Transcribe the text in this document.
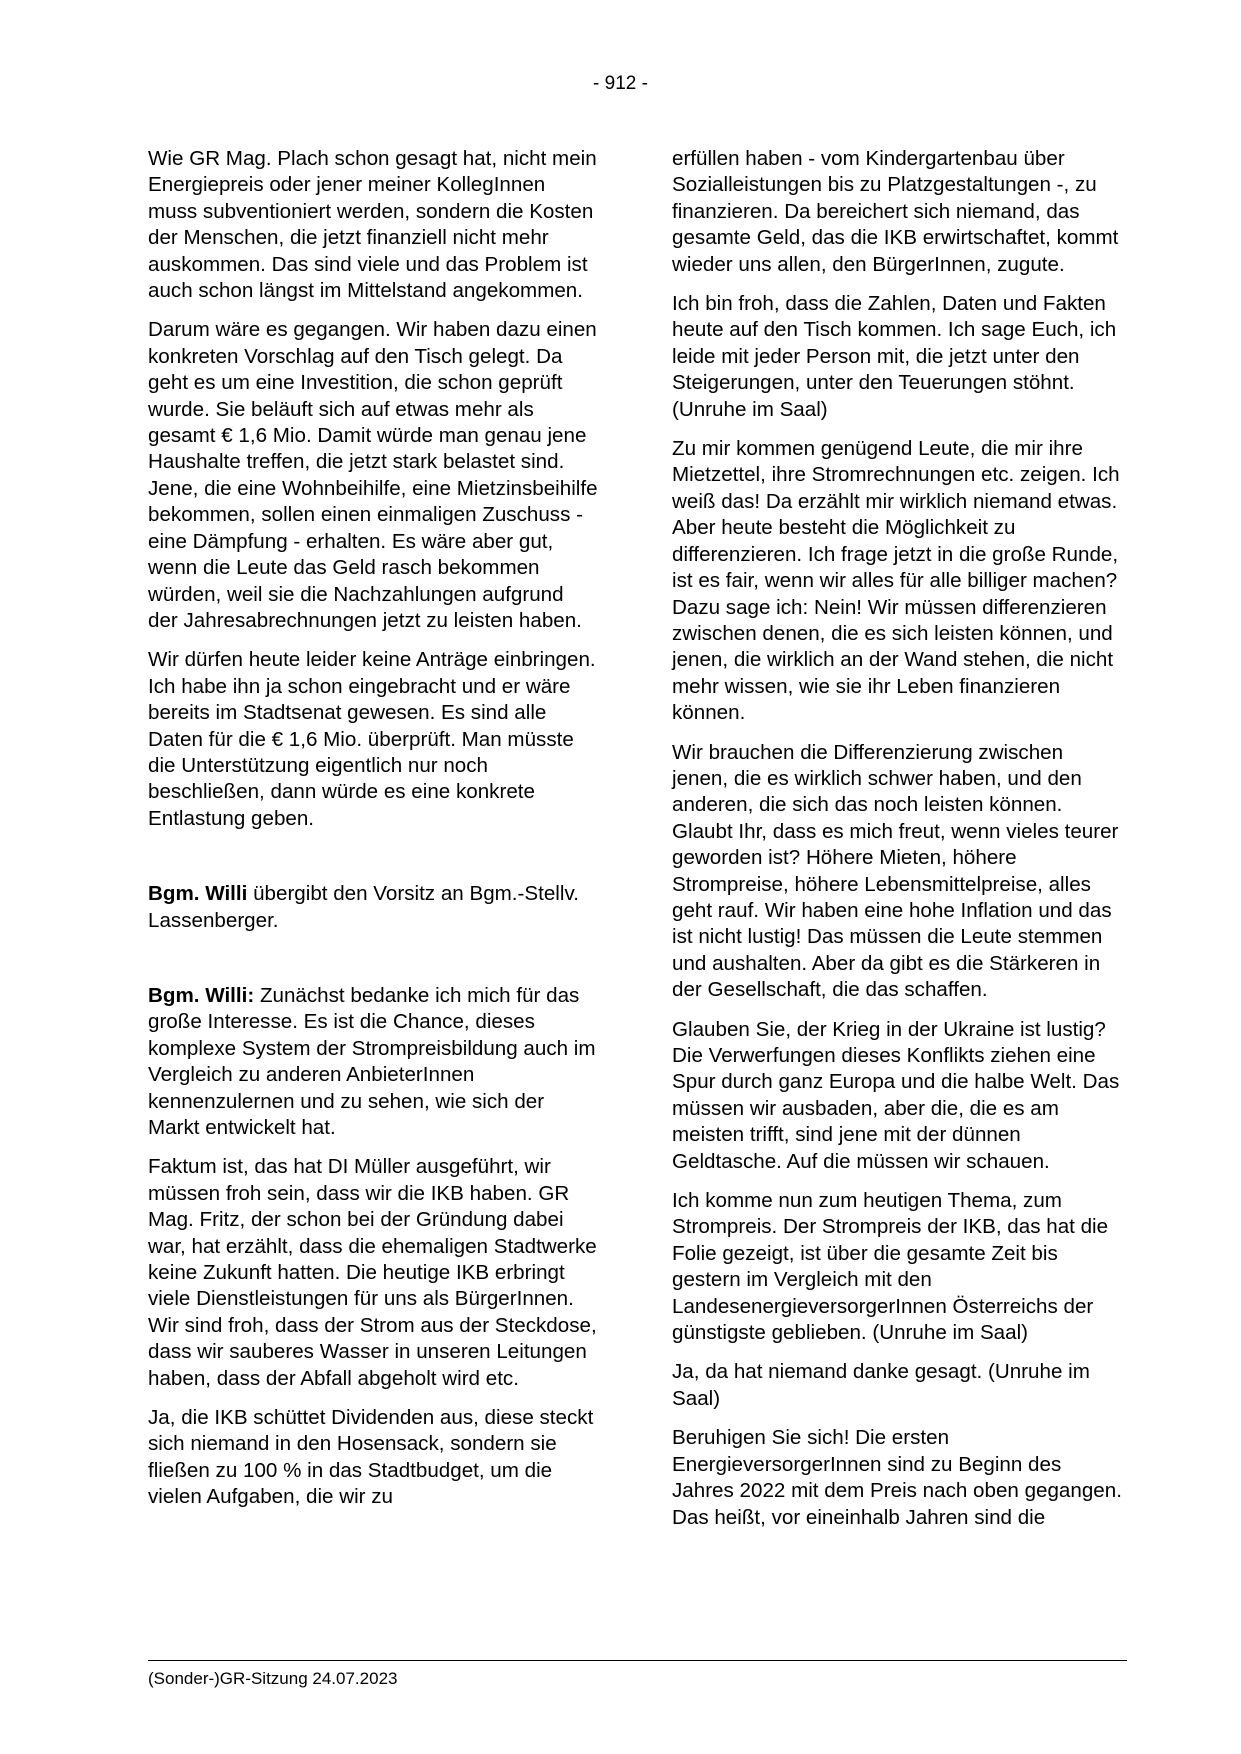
- 912 -

Wie GR Mag. Plach schon gesagt hat, nicht mein Energiepreis oder jener meiner KollegInnen muss subventioniert werden, sondern die Kosten der Menschen, die jetzt finanziell nicht mehr auskommen. Das sind viele und das Problem ist auch schon längst im Mittelstand angekommen.

Darum wäre es gegangen. Wir haben dazu einen konkreten Vorschlag auf den Tisch gelegt. Da geht es um eine Investition, die schon geprüft wurde. Sie beläuft sich auf etwas mehr als gesamt € 1,6 Mio. Damit würde man genau jene Haushalte treffen, die jetzt stark belastet sind. Jene, die eine Wohnbeihilfe, eine Mietzinsbeihilfe bekommen, sollen einen einmaligen Zuschuss - eine Dämpfung - erhalten. Es wäre aber gut, wenn die Leute das Geld rasch bekommen würden, weil sie die Nachzahlungen aufgrund der Jahresabrechnungen jetzt zu leisten haben.

Wir dürfen heute leider keine Anträge einbringen. Ich habe ihn ja schon eingebracht und er wäre bereits im Stadtsenat gewesen. Es sind alle Daten für die € 1,6 Mio. überprüft. Man müsste die Unterstützung eigentlich nur noch beschließen, dann würde es eine konkrete Entlastung geben.

Bgm. Willi übergibt den Vorsitz an Bgm.-Stellv. Lassenberger.

Bgm. Willi: Zunächst bedanke ich mich für das große Interesse. Es ist die Chance, dieses komplexe System der Strompreisbildung auch im Vergleich zu anderen AnbieterInnen kennenzulernen und zu sehen, wie sich der Markt entwickelt hat.

Faktum ist, das hat DI Müller ausgeführt, wir müssen froh sein, dass wir die IKB haben. GR Mag. Fritz, der schon bei der Gründung dabei war, hat erzählt, dass die ehemaligen Stadtwerke keine Zukunft hatten. Die heutige IKB erbringt viele Dienstleistungen für uns als BürgerInnen. Wir sind froh, dass der Strom aus der Steckdose, dass wir sauberes Wasser in unseren Leitungen haben, dass der Abfall abgeholt wird etc.

Ja, die IKB schüttet Dividenden aus, diese steckt sich niemand in den Hosensack, sondern sie fließen zu 100 % in das Stadtbudget, um die vielen Aufgaben, die wir zu

erfüllen haben - vom Kindergartenbau über Sozialleistungen bis zu Platzgestaltungen -, zu finanzieren. Da bereichert sich niemand, das gesamte Geld, das die IKB erwirtschaftet, kommt wieder uns allen, den BürgerInnen, zugute.

Ich bin froh, dass die Zahlen, Daten und Fakten heute auf den Tisch kommen. Ich sage Euch, ich leide mit jeder Person mit, die jetzt unter den Steigerungen, unter den Teuerungen stöhnt. (Unruhe im Saal)

Zu mir kommen genügend Leute, die mir ihre Mietzettel, ihre Stromrechnungen etc. zeigen. Ich weiß das! Da erzählt mir wirklich niemand etwas. Aber heute besteht die Möglichkeit zu differenzieren. Ich frage jetzt in die große Runde, ist es fair, wenn wir alles für alle billiger machen? Dazu sage ich: Nein! Wir müssen differenzieren zwischen denen, die es sich leisten können, und jenen, die wirklich an der Wand stehen, die nicht mehr wissen, wie sie ihr Leben finanzieren können.

Wir brauchen die Differenzierung zwischen jenen, die es wirklich schwer haben, und den anderen, die sich das noch leisten können. Glaubt Ihr, dass es mich freut, wenn vieles teurer geworden ist? Höhere Mieten, höhere Strompreise, höhere Lebensmittelpreise, alles geht rauf. Wir haben eine hohe Inflation und das ist nicht lustig! Das müssen die Leute stemmen und aushalten. Aber da gibt es die Stärkeren in der Gesellschaft, die das schaffen.

Glauben Sie, der Krieg in der Ukraine ist lustig? Die Verwerfungen dieses Konflikts ziehen eine Spur durch ganz Europa und die halbe Welt. Das müssen wir ausbaden, aber die, die es am meisten trifft, sind jene mit der dünnen Geldtasche. Auf die müssen wir schauen.

Ich komme nun zum heutigen Thema, zum Strompreis. Der Strompreis der IKB, das hat die Folie gezeigt, ist über die gesamte Zeit bis gestern im Vergleich mit den LandesenergieversorgerInnen Österreichs der günstigste geblieben. (Unruhe im Saal)

Ja, da hat niemand danke gesagt. (Unruhe im Saal)

Beruhigen Sie sich! Die ersten EnergieversorgerInnen sind zu Beginn des Jahres 2022 mit dem Preis nach oben gegangen. Das heißt, vor eineinhalb Jahren sind die

(Sonder-)GR-Sitzung 24.07.2023
